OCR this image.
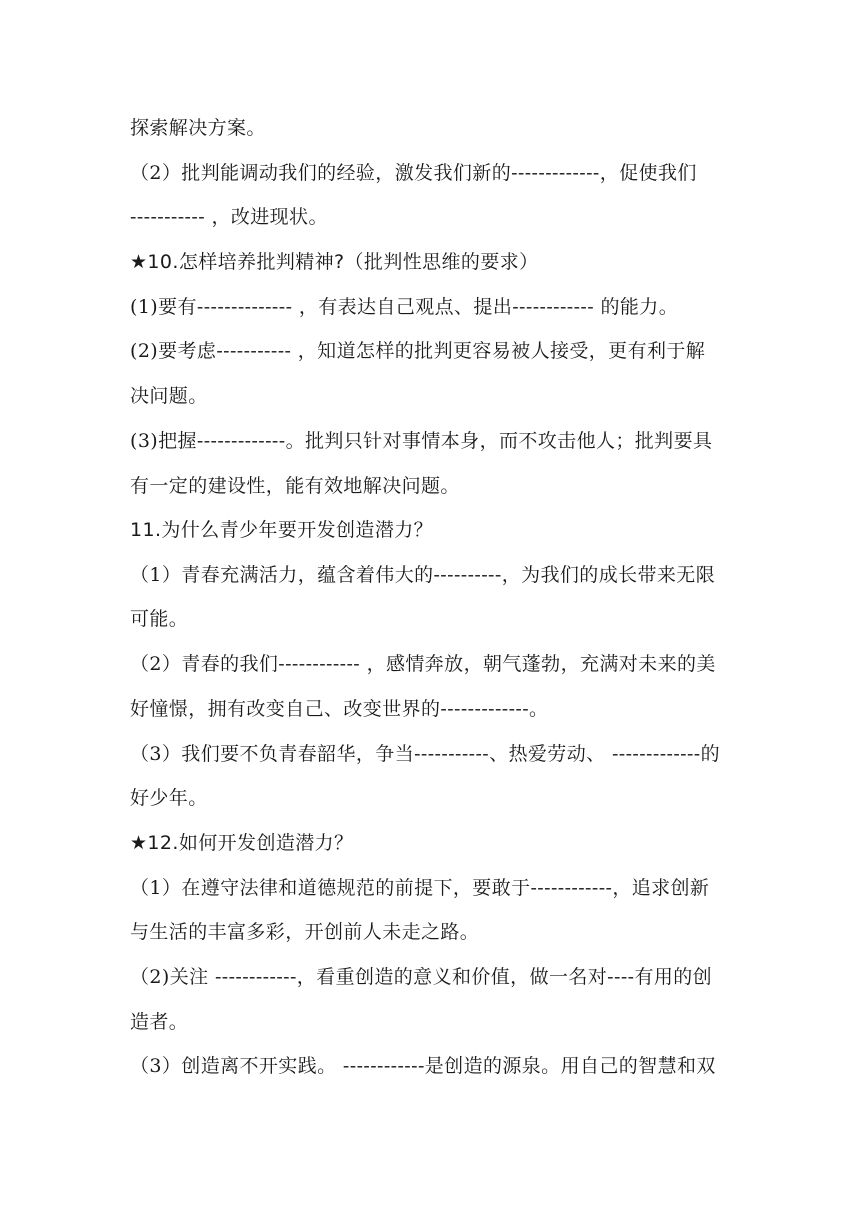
探索解决方案。
（2）批判能调动我们的经验，激发我们新的-------------，促使我们
----------- ，改进现状。
★10.怎样培养批判精神?（批判性思维的要求）
(1)要有-------------- ，有表达自己观点、提出------------ 的能力。
(2)要考虑----------- ，知道怎样的批判更容易被人接受，更有利于解
决问题。
(3)把握-------------。批判只针对事情本身，而不攻击他人；批判要具
有一定的建设性，能有效地解决问题。
11.为什么青少年要开发创造潜力？
（1）青春充满活力，蕴含着伟大的----------，为我们的成长带来无限
可能。
（2）青春的我们------------ ，感情奔放，朝气蓬勃，充满对未来的美
好憧憬，拥有改变自己、改变世界的-------------。
（3）我们要不负青春韶华，争当-----------、热爱劳动、 -------------的
好少年。
★12.如何开发创造潜力？
（1）在遵守法律和道德规范的前提下，要敢于------------，追求创新
与生活的丰富多彩，开创前人未走之路。
（2)关注 ------------，看重创造的意义和价值，做一名对----有用的创
造者。
（3）创造离不开实践。 ------------是创造的源泉。用自己的智慧和双
